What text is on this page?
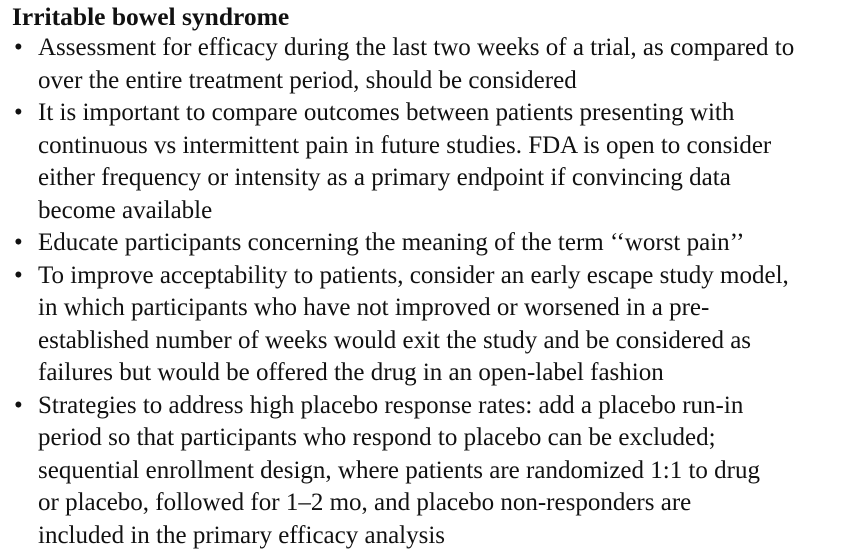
Irritable bowel syndrome
• Assessment for efficacy during the last two weeks of a trial, as compared to
over the entire treatment period, should be considered
• It is important to compare outcomes between patients presenting with
continuous vs intermittent pain in future studies. FDA is open to consider
either frequency or intensity as a primary endpoint if convincing data
become available
• Educate participants concerning the meaning of the term ‘‘worst pain’’
• To improve acceptability to patients, consider an early escape study model,
in which participants who have not improved or worsened in a pre-
established number of weeks would exit the study and be considered as
failures but would be offered the drug in an open-label fashion
• Strategies to address high placebo response rates: add a placebo run-in
period so that participants who respond to placebo can be excluded;
sequential enrollment design, where patients are randomized 1:1 to drug
or placebo, followed for 1–2 mo, and placebo non-responders are
included in the primary efficacy analysis
